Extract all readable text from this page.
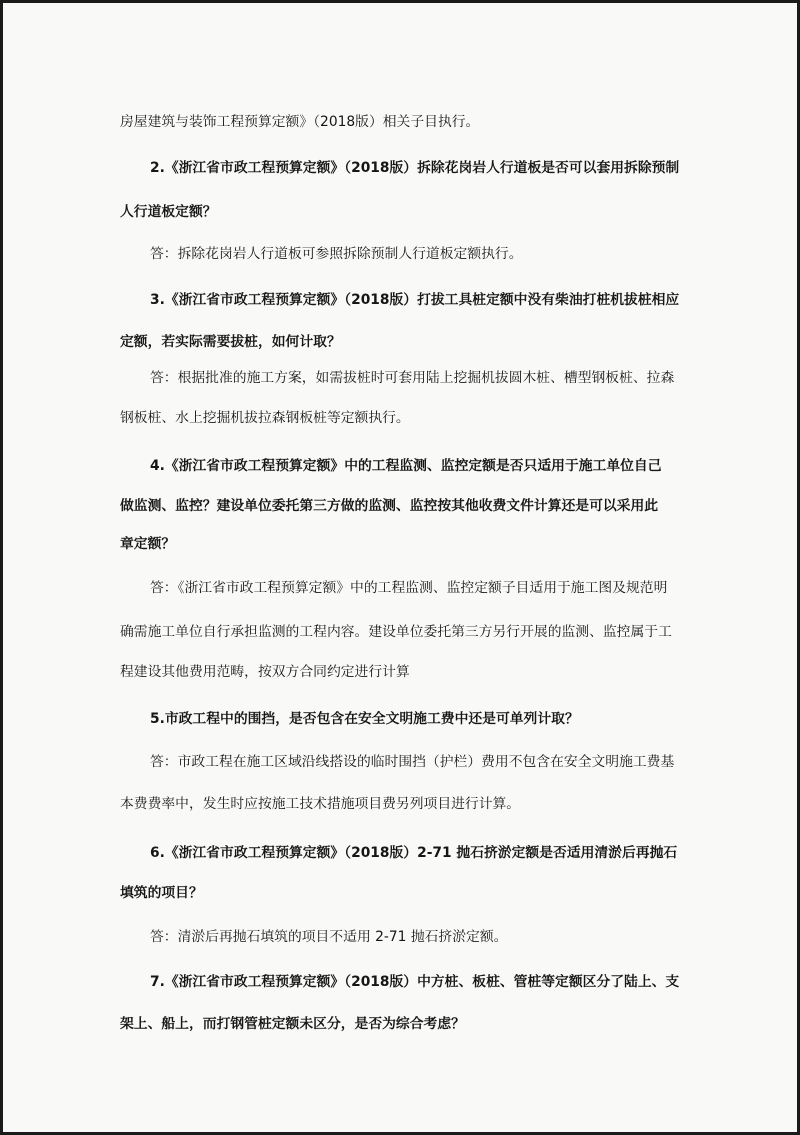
房屋建筑与装饰工程预算定额》（2018版）相关子目执行。

2.《浙江省市政工程预算定额》（2018版）拆除花岗岩人行道板是否可以套用拆除预制
人行道板定额？

答：拆除花岗岩人行道板可参照拆除预制人行道板定额执行。

3.《浙江省市政工程预算定额》（2018版）打拔工具桩定额中没有柴油打桩机拔桩相应
定额，若实际需要拔桩，如何计取？

答：根据批准的施工方案，如需拔桩时可套用陆上挖掘机拔圆木桩、槽型钢板桩、拉森
钢板桩、水上挖掘机拔拉森钢板桩等定额执行。

4.《浙江省市政工程预算定额》中的工程监测、监控定额是否只适用于施工单位自己
做监测、监控？建设单位委托第三方做的监测、监控按其他收费文件计算还是可以采用此
章定额？

答：《浙江省市政工程预算定额》中的工程监测、监控定额子目适用于施工图及规范明
确需施工单位自行承担监测的工程内容。建设单位委托第三方另行开展的监测、监控属于工
程建设其他费用范畴，按双方合同约定进行计算

5.市政工程中的围挡，是否包含在安全文明施工费中还是可单列计取？

答：市政工程在施工区域沿线搭设的临时围挡（护栏）费用不包含在安全文明施工费基
本费费率中，发生时应按施工技术措施项目费另列项目进行计算。

6.《浙江省市政工程预算定额》（2018版）2-71 抛石挤淤定额是否适用清淤后再抛石
填筑的项目？

答：清淤后再抛石填筑的项目不适用 2-71 抛石挤淤定额。

7.《浙江省市政工程预算定额》（2018版）中方桩、板桩、管桩等定额区分了陆上、支
架上、船上，而打钢管桩定额未区分，是否为综合考虑？
